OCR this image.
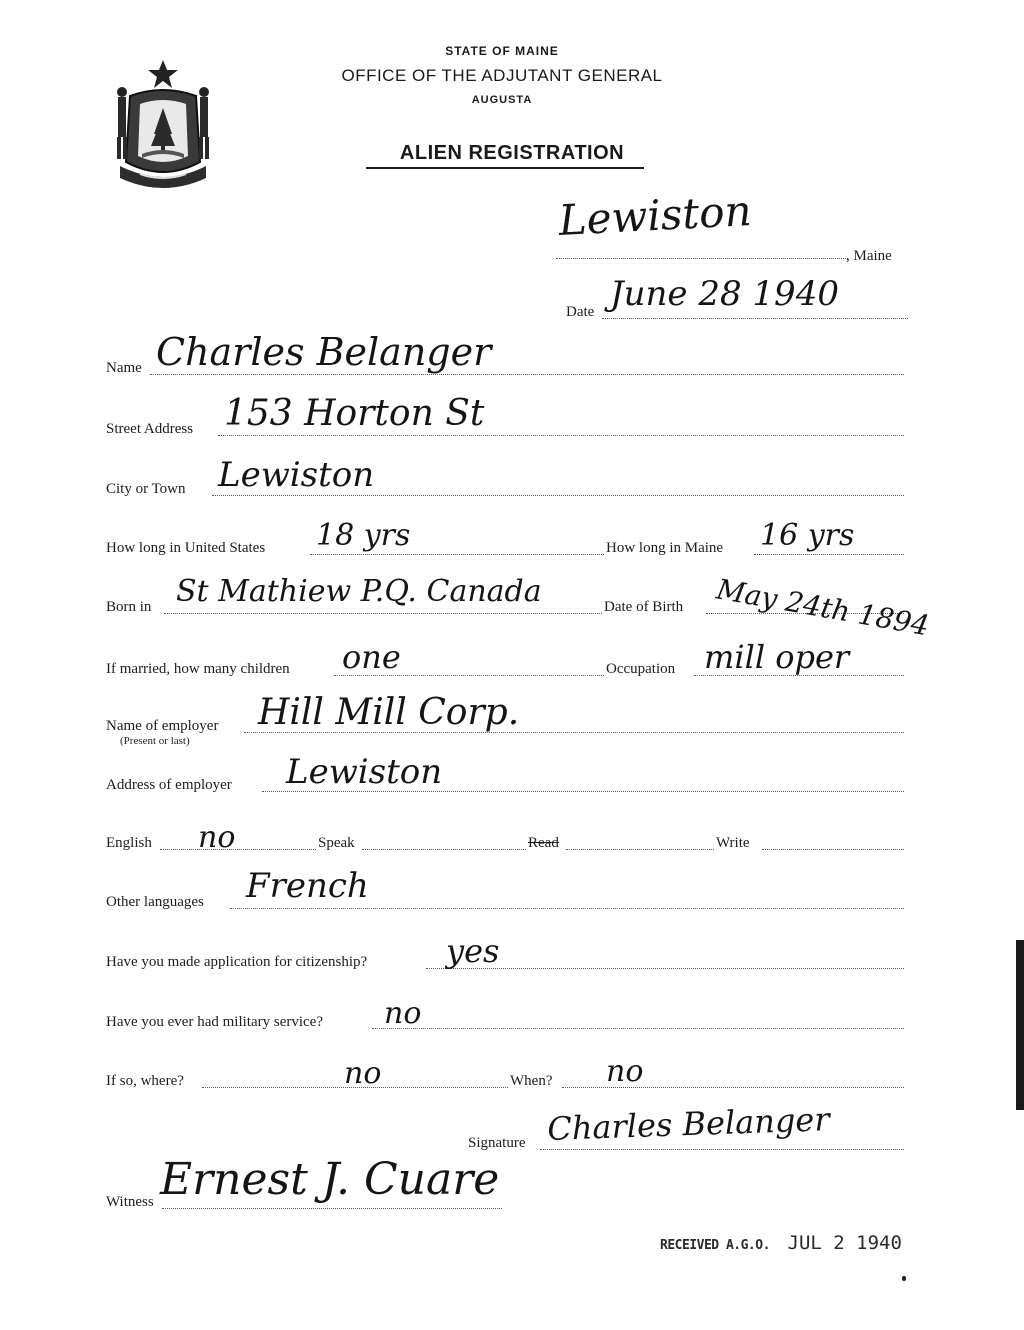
STATE OF MAINE
OFFICE OF THE ADJUTANT GENERAL
AUGUSTA
ALIEN REGISTRATION
Lewiston
, Maine
Date June 28 1940
Name Charles Belanger
Street Address 153 Horton St
City or Town Lewiston
How long in United States 18 yrs	How long in Maine 16 yrs
Born in St Mathiew P.Q. Canada	Date of Birth May 24th 1894
If married, how many children one	Occupation mill oper
Name of employer
(Present or last)
Hill Mill Corp.
Address of employer Lewiston
English no	Speak	Read	Write
Other languages French
Have you made application for citizenship? yes
Have you ever had military service? no
If so, where?	no	When? no
Signature Charles Belanger
Witness Ernest J. Cuare
RECEIVED A.G.O. JUL 2 1940
